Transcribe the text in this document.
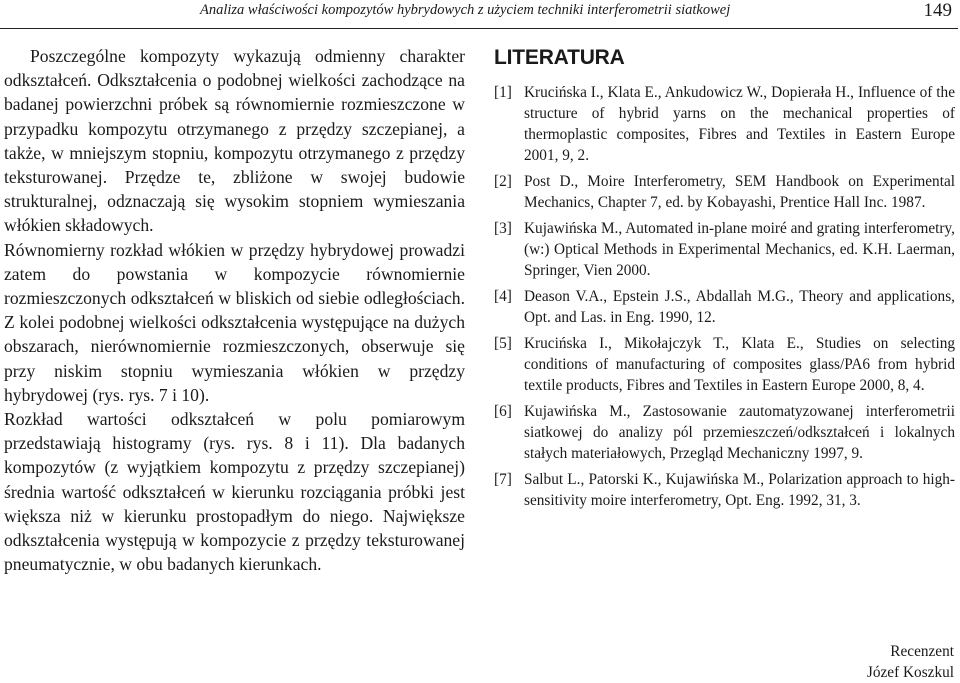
Analiza właściwości kompozytów hybrydowych z użyciem techniki interferometrii siatkowej	149

Poszczególne kompozyty wykazują odmienny charakter odkształceń. Odkształcenia o podobnej wielkości zachodzące na badanej powierzchni próbek są równomiernie rozmieszczone w przypadku kompozytu otrzymanego z przędzy szczepianej, a także, w mniejszym stopniu, kompozytu otrzymanego z przędzy teksturowanej. Przędze te, zbliżone w swojej budowie strukturalnej, odznaczają się wysokim stopniem wymieszania włókien składowych.

Równomierny rozkład włókien w przędzy hybrydowej prowadzi zatem do powstania w kompozycie równomiernie rozmieszczonych odkształceń w bliskich od siebie odległościach. Z kolei podobnej wielkości odkształcenia występujące na dużych obszarach, nierównomiernie rozmieszczonych, obserwuje się przy niskim stopniu wymieszania włókien w przędzy hybrydowej (rys. rys. 7 i 10).

Rozkład wartości odkształceń w polu pomiarowym przedstawiają histogramy (rys. rys. 8 i 11). Dla badanych kompozytów (z wyjątkiem kompozytu z przędzy szczepianej) średnia wartość odkształceń w kierunku rozciągania próbki jest większa niż w kierunku prostopadłym do niego. Największe odkształcenia występują w kompozycie z przędzy teksturowanej pneumatycznie, w obu badanych kierunkach.

LITERATURA
[1] Krucińska I., Klata E., Ankudowicz W., Dopierała H., Influence of the structure of hybrid yarns on the mechanical properties of thermoplastic composites, Fibres and Textiles in Eastern Europe 2001, 9, 2.
[2] Post D., Moire Interferometry, SEM Handbook on Experimental Mechanics, Chapter 7, ed. by Kobayashi, Prentice Hall Inc. 1987.
[3] Kujawińska M., Automated in-plane moiré and grating interferometry, (w:) Optical Methods in Experimental Mechanics, ed. K.H. Laerman, Springer, Vien 2000.
[4] Deason V.A., Epstein J.S., Abdallah M.G., Theory and applications, Opt. and Las. in Eng. 1990, 12.
[5] Krucińska I., Mikołajczyk T., Klata E., Studies on selecting conditions of manufacturing of composites glass/PA6 from hybrid textile products, Fibres and Textiles in Eastern Europe 2000, 8, 4.
[6] Kujawińska M., Zastosowanie zautomatyzowanej interferometrii siatkowej do analizy pól przemieszczeń/odkształceń i lokalnych stałych materiałowych, Przegląd Mechaniczny 1997, 9.
[7] Salbut L., Patorski K., Kujawińska M., Polarization approach to high-sensitivity moire interferometry, Opt. Eng. 1992, 31, 3.
Recenzent
Józef Koszkul
